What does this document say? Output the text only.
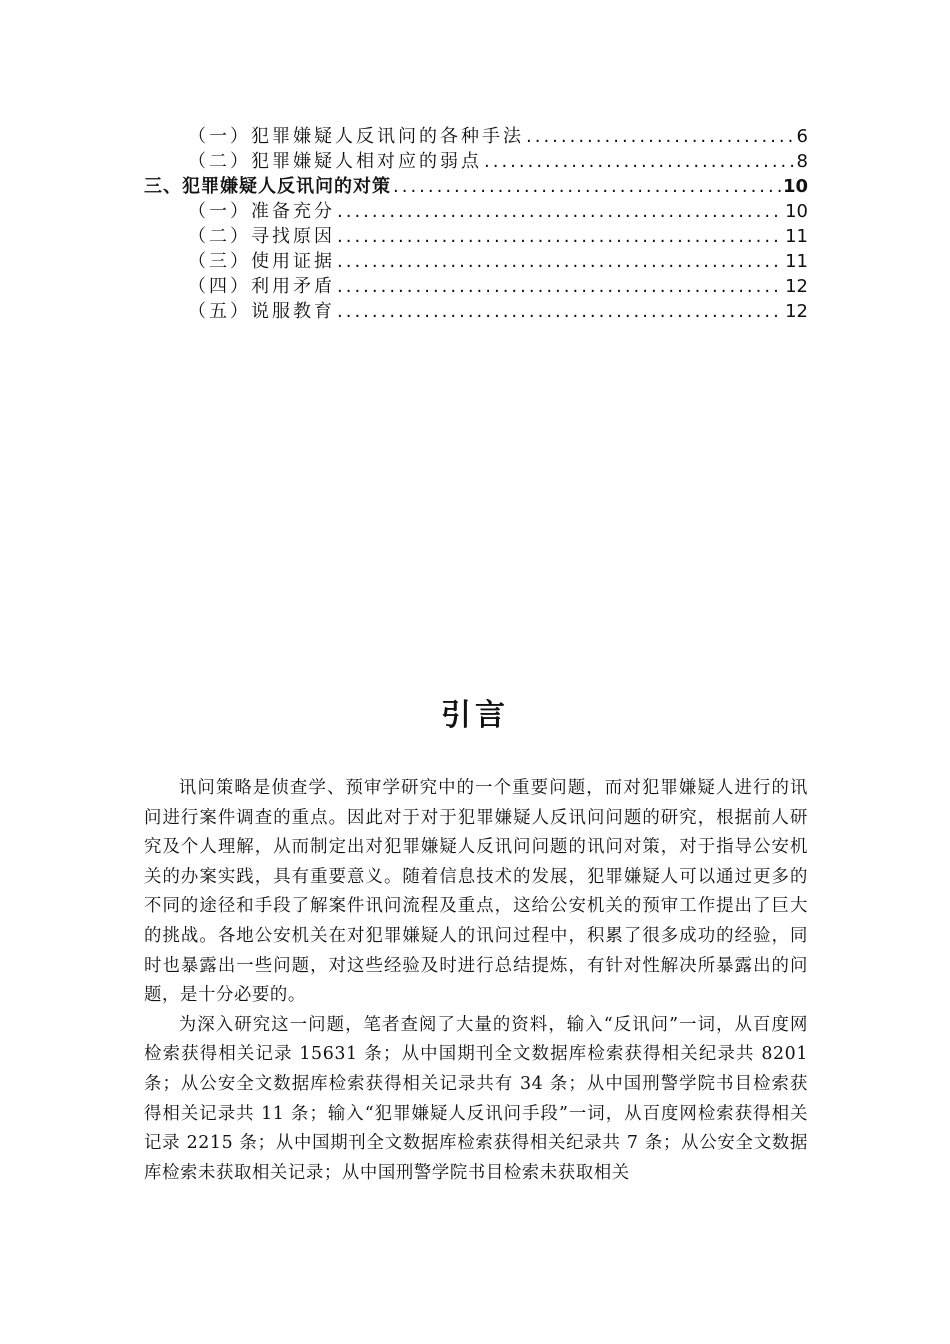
（一）犯罪嫌疑人反讯问的各种手法 .....	6
（二）犯罪嫌疑人相对应的弱点 .....	8
三、犯罪嫌疑人反讯问的对策 .....	10
（一）准备充分 .....	10
（二）寻找原因 .....	11
（三）使用证据 .....	11
（四）利用矛盾 .....	12
（五）说服教育 .....	12
引言

讯问策略是侦查学、预审学研究中的一个重要问题，而对犯罪嫌疑人进行的讯问进行案件调查的重点。因此对于对于犯罪嫌疑人反讯问问题的研究，根据前人研究及个人理解，从而制定出对犯罪嫌疑人反讯问问题的讯问对策，对于指导公安机关的办案实践，具有重要意义。随着信息技术的发展，犯罪嫌疑人可以通过更多的不同的途径和手段了解案件讯问流程及重点，这给公安机关的预审工作提出了巨大的挑战。各地公安机关在对犯罪嫌疑人的讯问过程中，积累了很多成功的经验，同时也暴露出一些问题，对这些经验及时进行总结提炼，有针对性解决所暴露出的问题，是十分必要的。

为深入研究这一问题，笔者查阅了大量的资料，输入“反讯问”一词，从百度网检索获得相关记录 15631 条；从中国期刊全文数据库检索获得相关纪录共 8201 条；从公安全文数据库检索获得相关记录共有 34 条；从中国刑警学院书目检索获得相关记录共 11 条；输入“犯罪嫌疑人反讯问手段”一词，从百度网检索获得相关记录 2215 条；从中国期刊全文数据库检索获得相关纪录共 7 条；从公安全文数据库检索未获取相关记录；从中国刑警学院书目检索未获取相关
